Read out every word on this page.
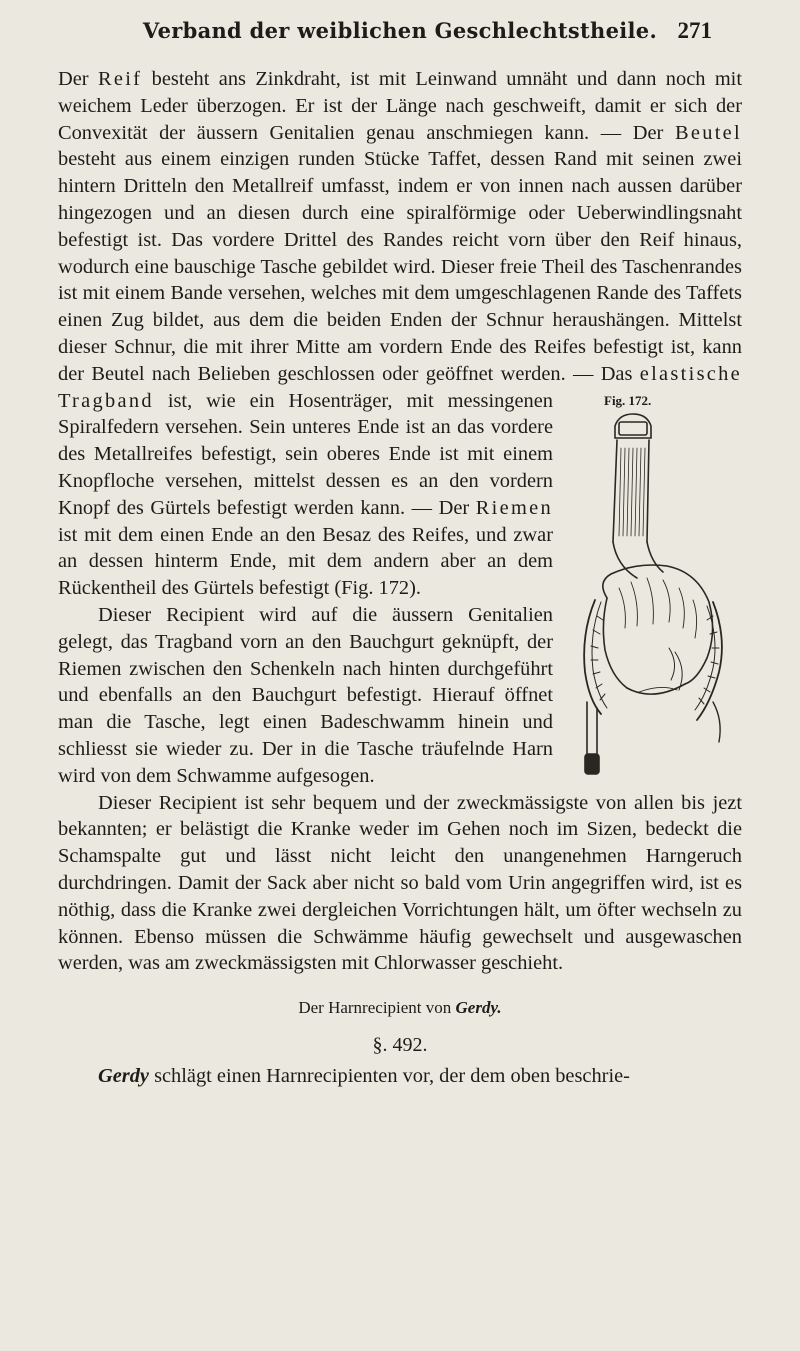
Verband der weiblichen Geschlechtstheile. 271

Der Reif besteht ans Zinkdraht, ist mit Leinwand umnäht und dann noch mit weichem Leder überzogen. Er ist der Länge nach geschweift, damit er sich der Convexität der äussern Genitalien genau anschmiegen kann. — Der Beutel besteht aus einem einzigen runden Stücke Taffet, dessen Rand mit seinen zwei hintern Dritteln den Metallreif umfasst, indem er von innen nach aussen darüber hingezogen und an diesen durch eine spiralförmige oder Ueberwindlingsnaht befestigt ist. Das vordere Drittel des Randes reicht vorn über den Reif hinaus, wodurch eine bauschige Tasche gebildet wird. Dieser freie Theil des Taschenrandes ist mit einem Bande versehen, welches mit dem umgeschlagenen Rande des Taffets einen Zug bildet, aus dem die beiden Enden der Schnur heraushängen. Mittelst dieser Schnur, die mit ihrer Mitte am vordern Ende des Reifes befestigt ist, kann der Beutel nach Belieben geschlossen oder geöffnet werden. — Das
Fig. 172.
elastische Tragband ist, wie ein Hosenträger, mit messingenen Spiralfedern versehen. Sein unteres Ende ist an das vordere des Metallreifes befestigt, sein oberes Ende ist mit einem Knopfloche versehen, mittelst dessen es an den vordern Knopf des Gürtels befestigt werden kann. — Der Riemen ist mit dem einen Ende an den Besaz des Reifes, und zwar an dessen hinterm Ende, mit dem andern aber an dem Rückentheil des Gürtels befestigt (Fig. 172).

Dieser Recipient wird auf die äussern Genitalien gelegt, das Tragband vorn an den Bauchgurt geknüpft, der Riemen zwischen den Schenkeln nach hinten durchgeführt und ebenfalls an den Bauchgurt befestigt. Hierauf öffnet man die Tasche, legt einen Badeschwamm hinein und schliesst sie wieder zu. Der in die Tasche träufelnde Harn wird von dem Schwamme aufgesogen.

Dieser Recipient ist sehr bequem und der zweckmässigste von allen bis jezt bekannten; er belästigt die Kranke weder im Gehen noch im Sizen, bedeckt die Schamspalte gut und lässt nicht leicht den unangenehmen Harngeruch durchdringen. Damit der Sack aber nicht so bald vom Urin angegriffen wird, ist es nöthig, dass die Kranke zwei dergleichen Vorrichtungen hält, um öfter wechseln zu können. Ebenso müssen die Schwämme häufig gewechselt und ausgewaschen werden, was am zweckmässigsten mit Chlorwasser geschieht.

Der Harnrecipient von Gerdy.
§. 492.

Gerdy schlägt einen Harnrecipienten vor, der dem oben beschrie-
